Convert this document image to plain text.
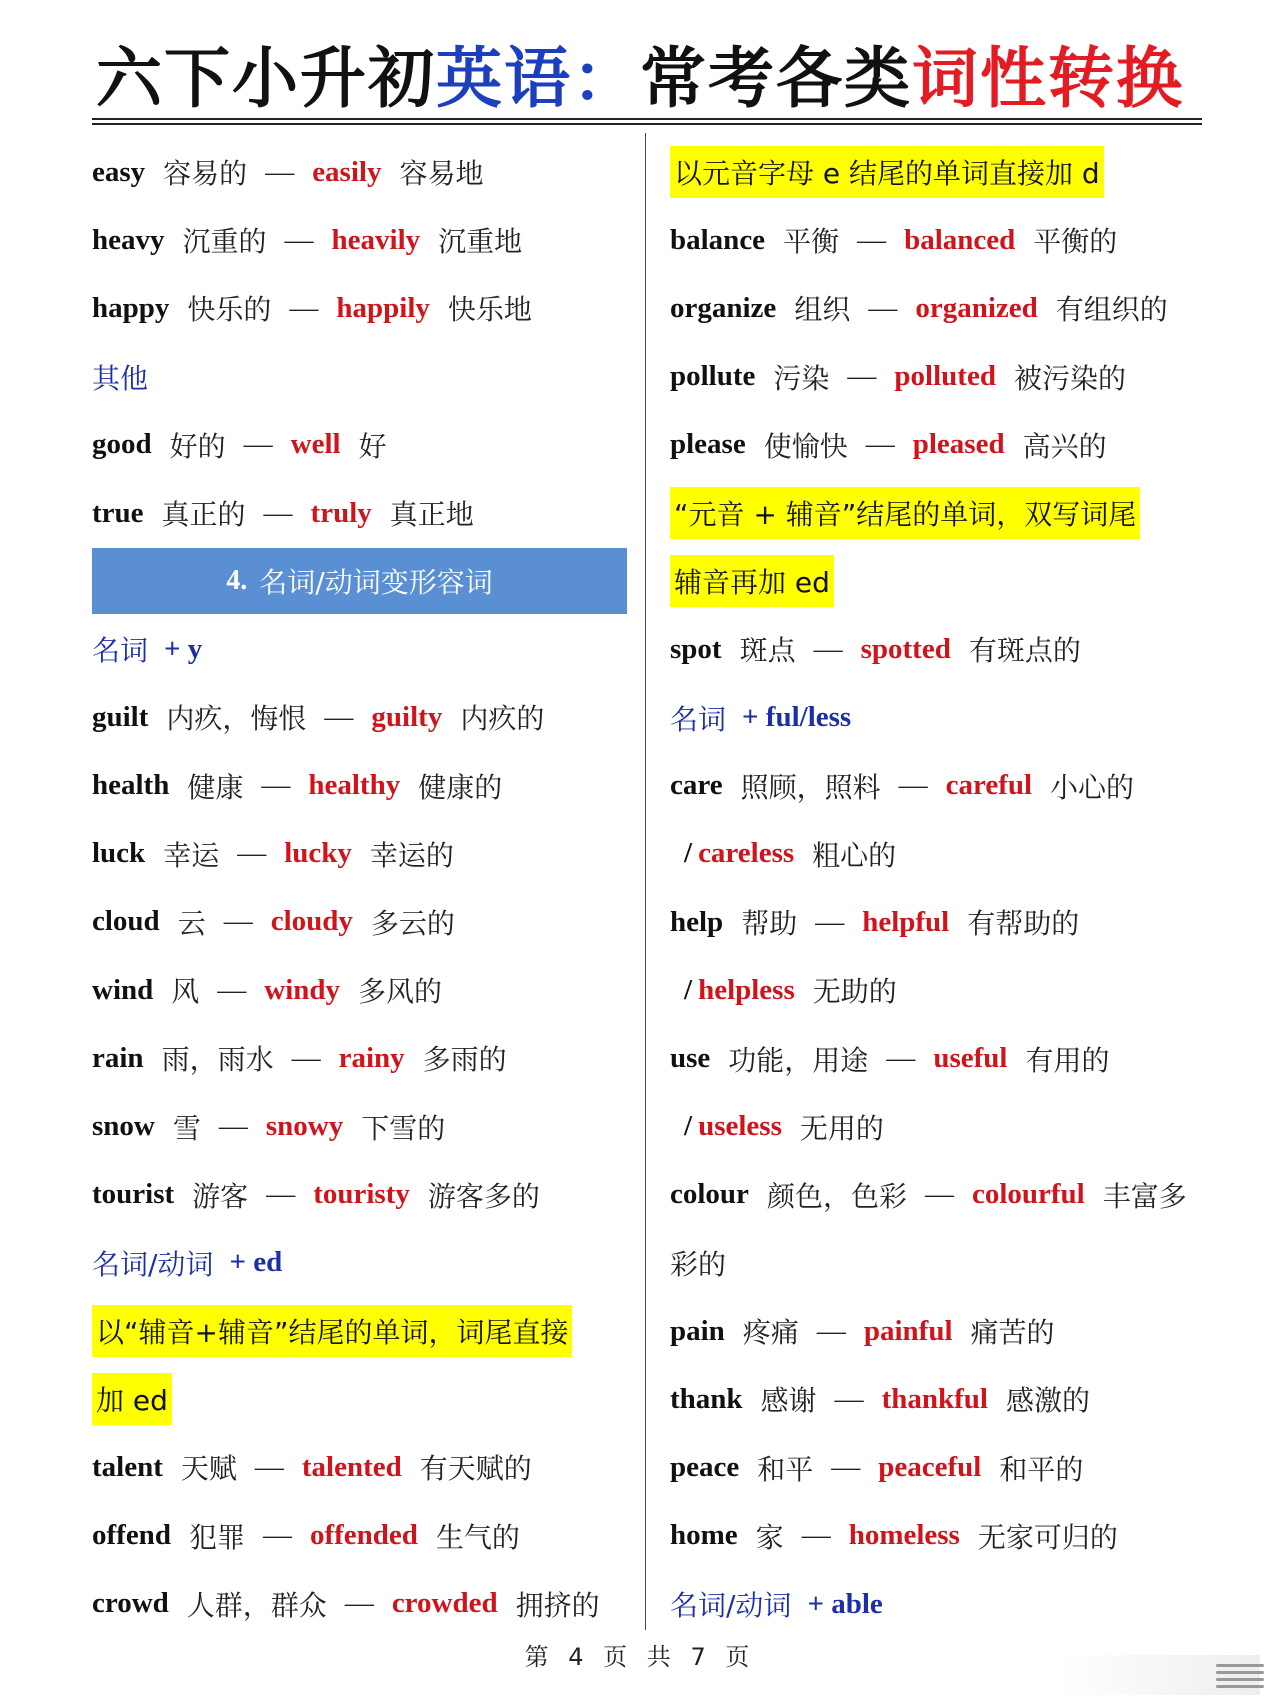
六下小升初英语：常考各类词性转换
easy 容易的 — easily 容易地
heavy 沉重的 — heavily 沉重地
happy 快乐的 — happily 快乐地
其他
good 好的 — well 好
true 真正的 — truly 真正地
4. 名词/动词变形容词
名词 + y
guilt 内疚，悔恨 — guilty 内疚的
health 健康 — healthy 健康的
luck 幸运 — lucky 幸运的
cloud 云 — cloudy 多云的
wind 风 — windy 多风的
rain 雨，雨水 — rainy 多雨的
snow 雪 — snowy 下雪的
tourist 游客 — touristy 游客多的
名词/动词 + ed
以“辅音+辅音”结尾的单词，词尾直接
加 ed
talent 天赋 — talented 有天赋的
offend 犯罪 — offended 生气的
crowd 人群，群众 — crowded 拥挤的
以元音字母 e 结尾的单词直接加 d
balance 平衡 — balanced 平衡的
organize 组织 — organized 有组织的
pollute 污染 — polluted 被污染的
please 使愉快 — pleased 高兴的
“元音 + 辅音”结尾的单词，双写词尾
辅音再加 ed
spot 斑点 — spotted 有斑点的
名词 + ful/less
care 照顾，照料 — careful 小心的
/ careless 粗心的
help 帮助 — helpful 有帮助的
/ helpless 无助的
use 功能，用途 — useful 有用的
/ useless 无用的
colour 颜色，色彩 — colourful 丰富多
彩的
pain 疼痛 — painful 痛苦的
thank 感谢 — thankful 感激的
peace 和平 — peaceful 和平的
home 家 — homeless 无家可归的
名词/动词 + able
第 4 页 共 7 页
